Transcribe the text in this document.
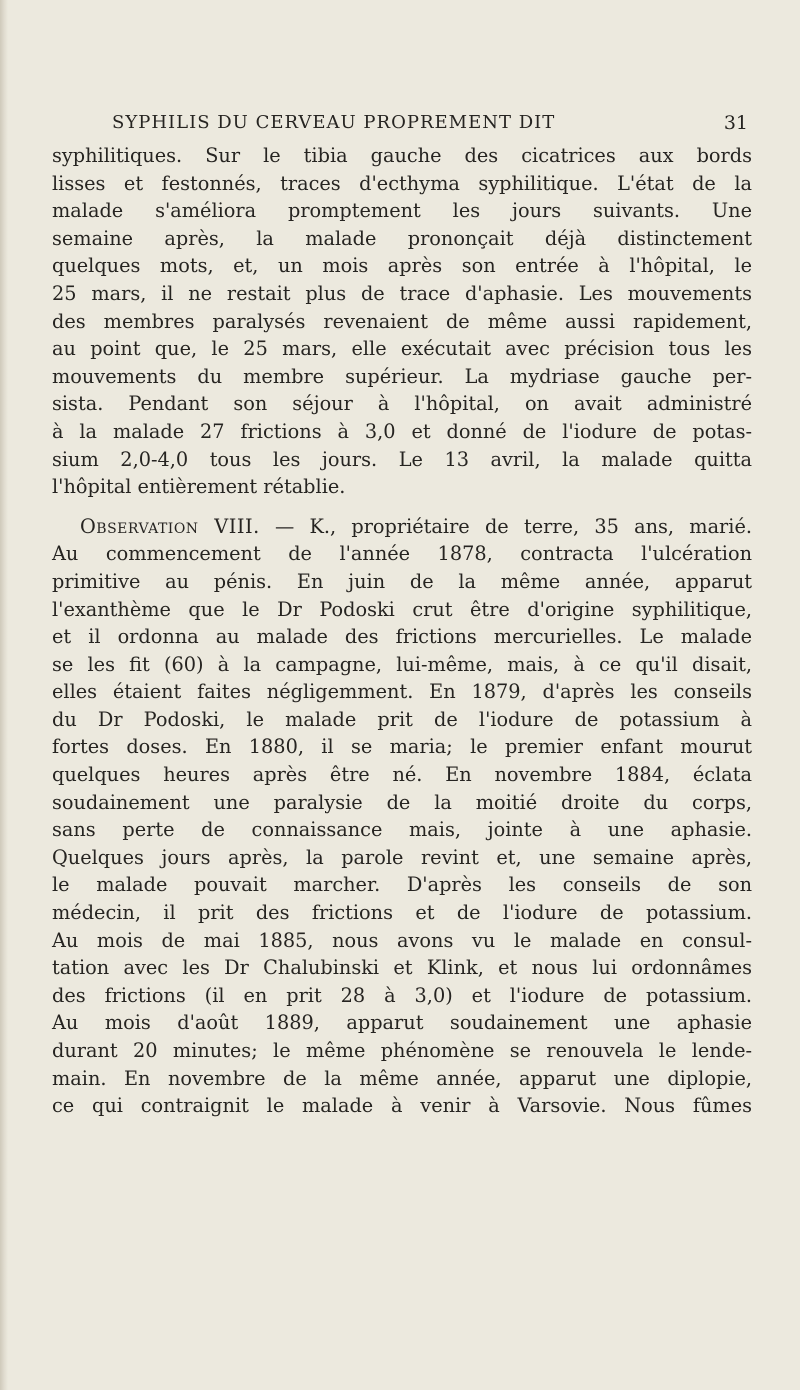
SYPHILIS DU CERVEAU PROPREMENT DIT	31
syphilitiques. Sur le tibia gauche des cicatrices aux bords
lisses et festonnés, traces d'ecthyma syphilitique. L'état de la
malade s'améliora promptement les jours suivants. Une
semaine après, la malade prononçait déjà distinctement
quelques mots, et, un mois après son entrée à l'hôpital, le
25 mars, il ne restait plus de trace d'aphasie. Les mouvements
des membres paralysés revenaient de même aussi rapidement,
au point que, le 25 mars, elle exécutait avec précision tous les
mouvements du membre supérieur. La mydriase gauche per-
sista. Pendant son séjour à l'hôpital, on avait administré
à la malade 27 frictions à 3,0 et donné de l'iodure de potas-
sium 2,0-4,0 tous les jours. Le 13 avril, la malade quitta
l'hôpital entièrement rétablie.
Observation VIII. — K., propriétaire de terre, 35 ans, marié.
Au commencement de l'année 1878, contracta l'ulcération
primitive au pénis. En juin de la même année, apparut
l'exanthème que le Dr Podoski crut être d'origine syphilitique,
et il ordonna au malade des frictions mercurielles. Le malade
se les fit (60) à la campagne, lui-même, mais, à ce qu'il disait,
elles étaient faites négligemment. En 1879, d'après les conseils
du Dr Podoski, le malade prit de l'iodure de potassium à
fortes doses. En 1880, il se maria; le premier enfant mourut
quelques heures après être né. En novembre 1884, éclata
soudainement une paralysie de la moitié droite du corps,
sans perte de connaissance mais, jointe à une aphasie.
Quelques jours après, la parole revint et, une semaine après,
le malade pouvait marcher. D'après les conseils de son
médecin, il prit des frictions et de l'iodure de potassium.
Au mois de mai 1885, nous avons vu le malade en consul-
tation avec les Dr Chalubinski et Klink, et nous lui ordonnâmes
des frictions (il en prit 28 à 3,0) et l'iodure de potassium.
Au mois d'août 1889, apparut soudainement une aphasie
durant 20 minutes; le même phénomène se renouvela le lende-
main. En novembre de la même année, apparut une diplopie,
ce qui contraignit le malade à venir à Varsovie. Nous fûmes
